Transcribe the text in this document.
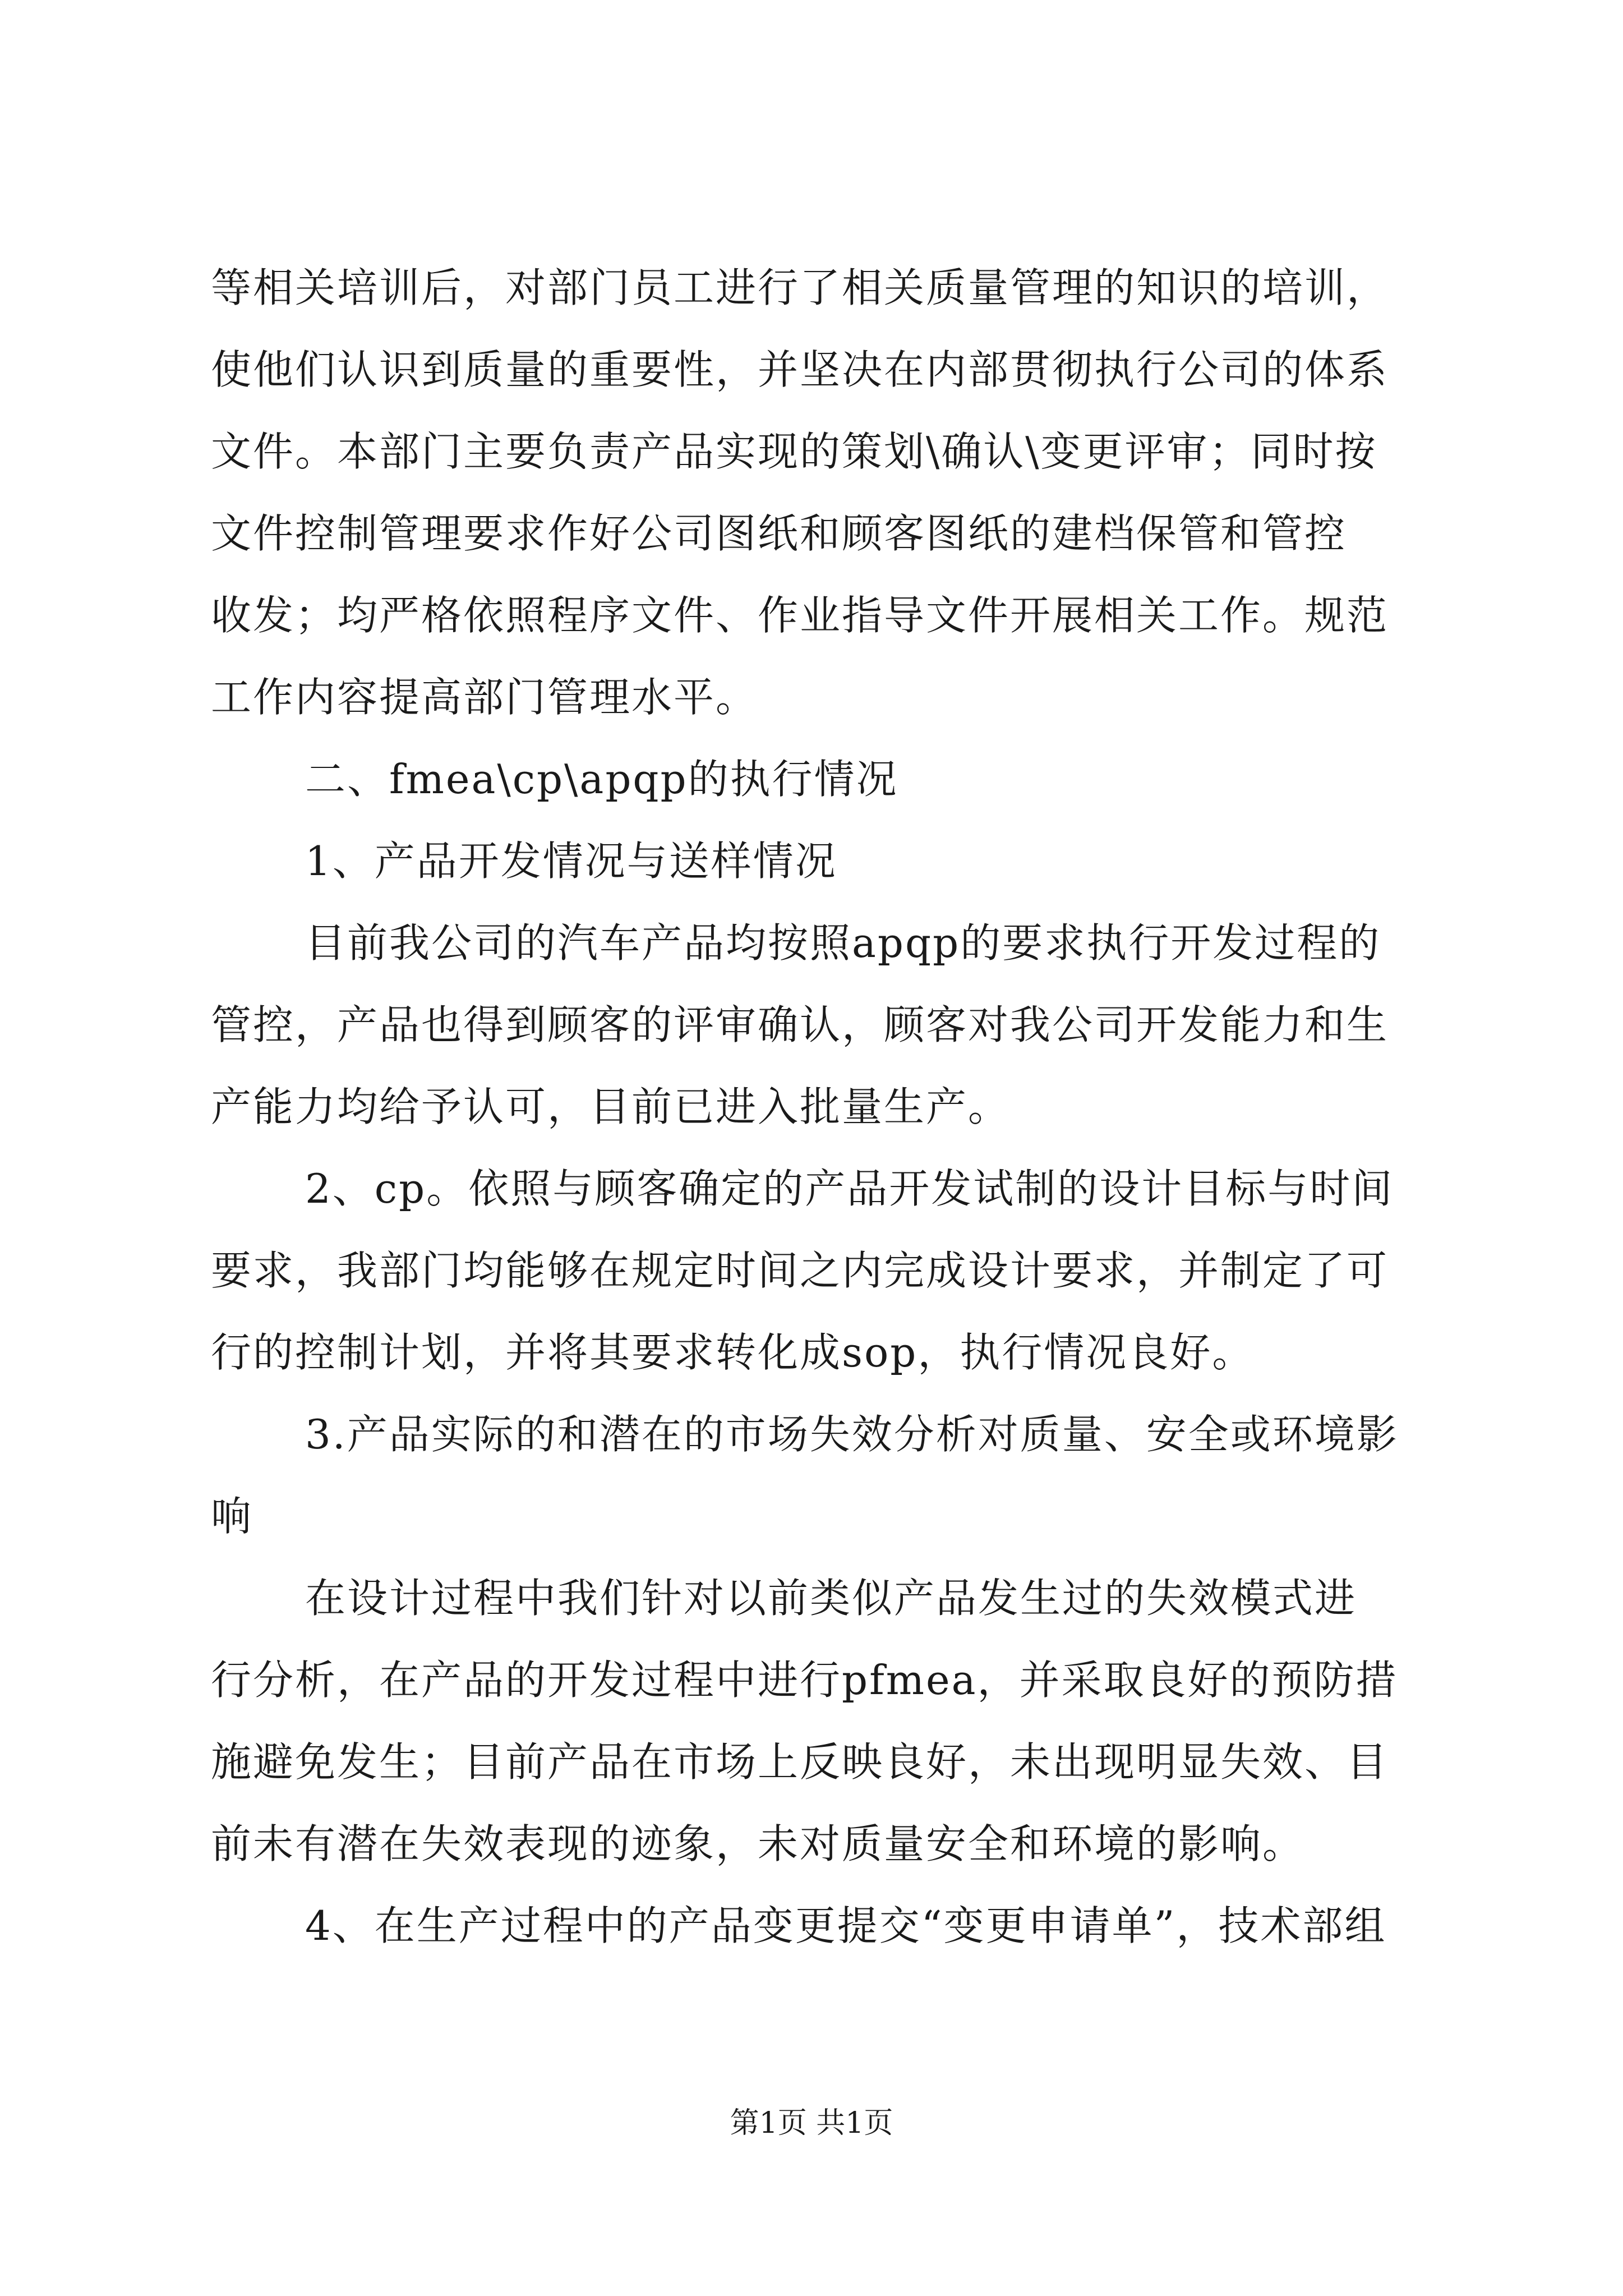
等相关培训后，对部门员工进行了相关质量管理的知识的培训，
使他们认识到质量的重要性，并坚决在内部贯彻执行公司的体系
文件。本部门主要负责产品实现的策划\确认\变更评审；同时按
文件控制管理要求作好公司图纸和顾客图纸的建档保管和管控
收发；均严格依照程序文件、作业指导文件开展相关工作。规范
工作内容提高部门管理水平。
二、fmea\cp\apqp的执行情况
1、产品开发情况与送样情况
目前我公司的汽车产品均按照apqp的要求执行开发过程的
管控，产品也得到顾客的评审确认，顾客对我公司开发能力和生
产能力均给予认可，目前已进入批量生产。
2、cp。依照与顾客确定的产品开发试制的设计目标与时间
要求，我部门均能够在规定时间之内完成设计要求，并制定了可
行的控制计划，并将其要求转化成sop，执行情况良好。
3.产品实际的和潜在的市场失效分析对质量、安全或环境影
响
在设计过程中我们针对以前类似产品发生过的失效模式进
行分析，在产品的开发过程中进行pfmea，并采取良好的预防措
施避免发生；目前产品在市场上反映良好，未出现明显失效、目
前未有潜在失效表现的迹象，未对质量安全和环境的影响。
4、在生产过程中的产品变更提交“变更申请单”，技术部组
第1页 共1页
